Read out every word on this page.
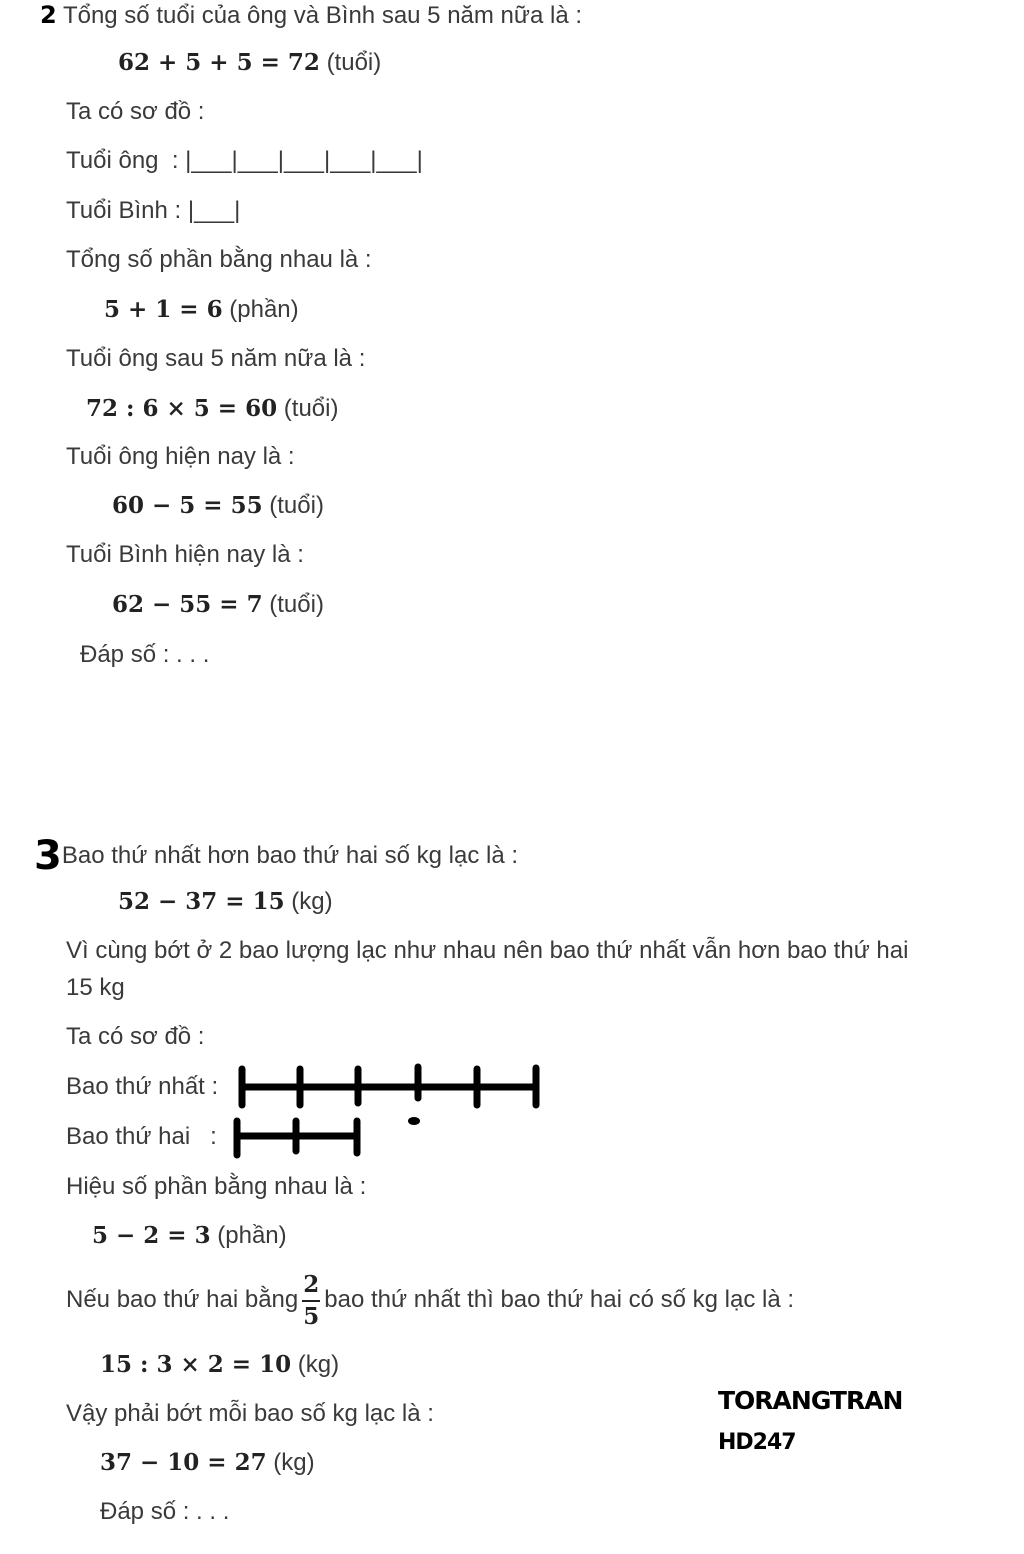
2 Tổng số tuổi của ông và Bình sau 5 năm nữa là :
62 + 5 + 5 = 72 (tuổi)
Ta có sơ đồ :
Tuổi ông  : |___|___|___|___|___|
Tuổi Bình : |___|
Tổng số phần bằng nhau là :
5 + 1 = 6 (phần)
Tuổi ông sau 5 năm nữa là :
72 : 6 × 5 = 60 (tuổi)
Tuổi ông hiện nay là :
60 − 5 = 55 (tuổi)
Tuổi Bình hiện nay là :
62 − 55 = 7 (tuổi)
Đáp số : . . .
3Bao thứ nhất hơn bao thứ hai số kg lạc là :
52 − 37 = 15 (kg)
Vì cùng bớt ở 2 bao lượng lạc như nhau nên bao thứ nhất vẫn hơn bao thứ hai
15 kg
Ta có sơ đồ :
Bao thứ nhất :
Bao thứ hai   :
Hiệu số phần bằng nhau là :
5 − 2 = 3 (phần)
Nếu bao thứ hai bằng $\frac{2}{5}$ bao thứ nhất thì bao thứ hai có số kg lạc là :
15 : 3 × 2 = 10 (kg)
Vậy phải bớt mỗi bao số kg lạc là :
37 − 10 = 27 (kg)
Đáp số : . . .
TORANGTRAN
HD247
